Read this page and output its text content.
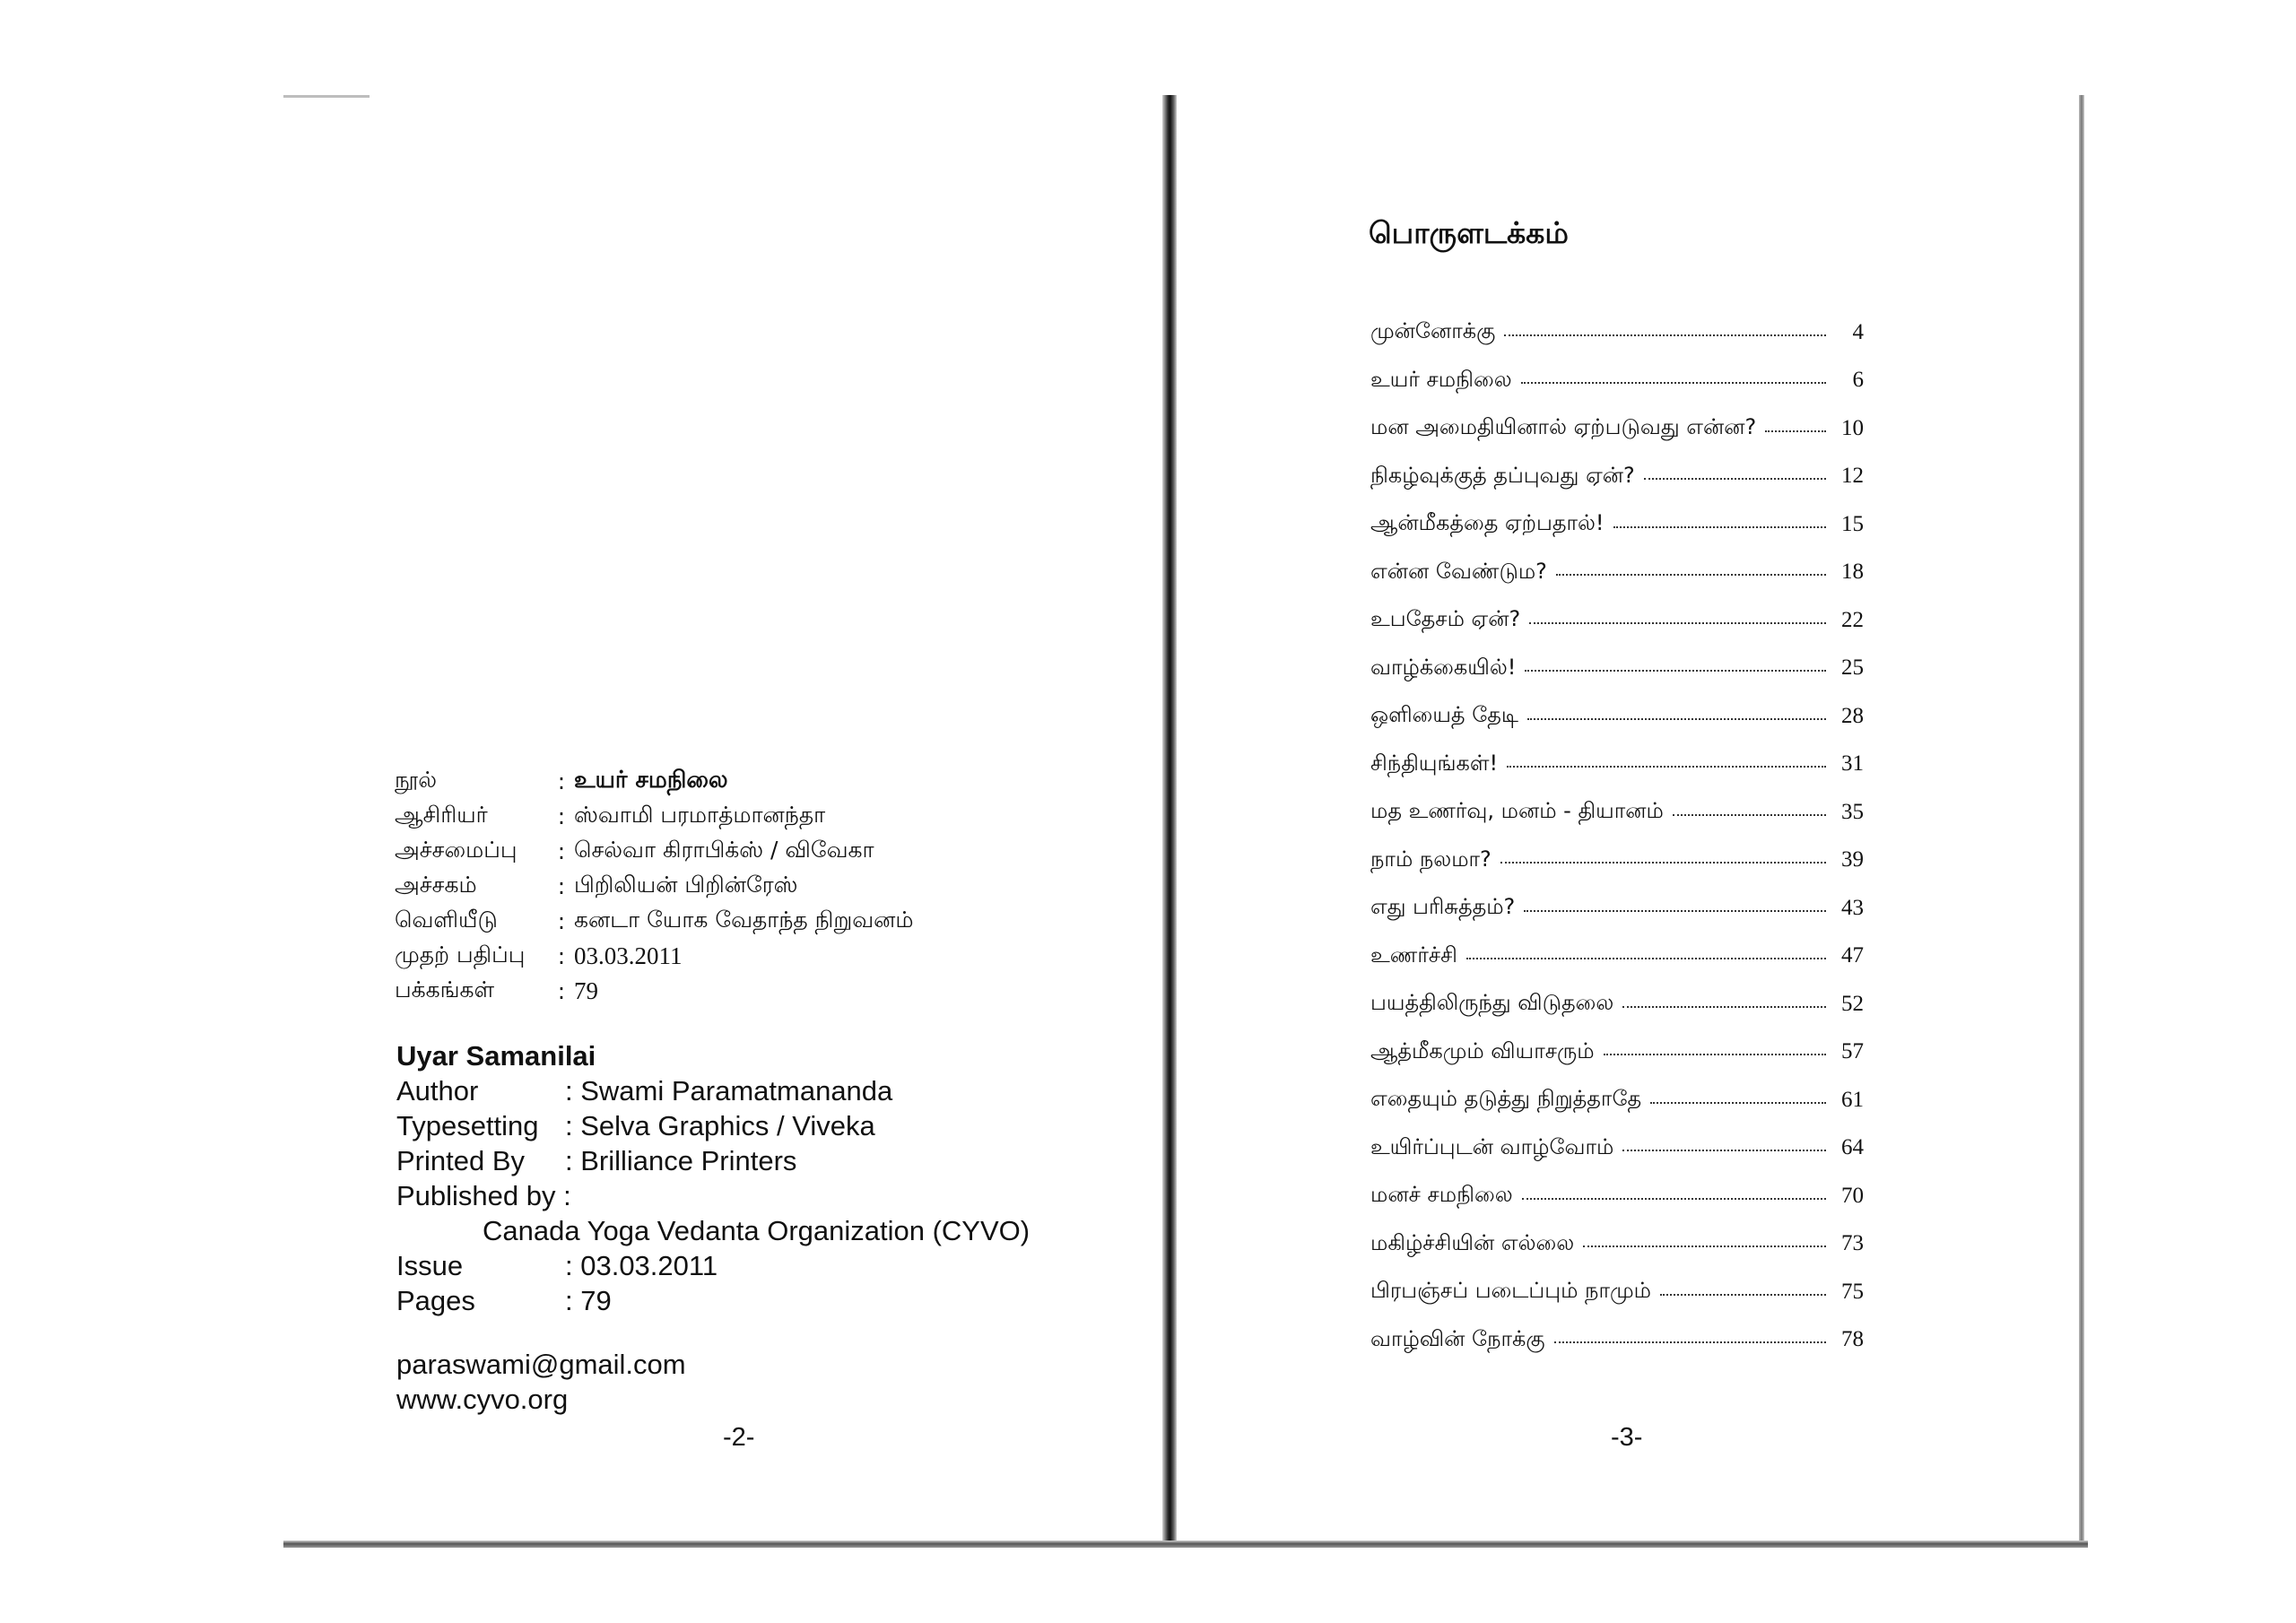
நூல்	: உயர் சமநிலை
ஆசிரியர்	: ஸ்வாமி பரமாத்மானந்தா
அச்சமைப்பு	: செல்வா கிராபிக்ஸ் / விவேகா
அச்சகம்	: பிறிலியன் பிறின்ரேஸ்
வெளியீடு	: கனடா யோக வேதாந்த நிறுவனம்
முதற் பதிப்பு	: 03.03.2011
பக்கங்கள்	: 79
Uyar Samanilai
Author	: Swami Paramatmananda
Typesetting : Selva Graphics / Viveka
Printed By	: Brilliance Printers
Published by :
Canada Yoga Vedanta Organization (CYVO)
Issue	: 03.03.2011
Pages	: 79
paraswami@gmail.com
www.cyvo.org
-2-
பொருளடக்கம்
முன்னோக்கு	4
உயர் சமநிலை	6
மன அமைதியினால் ஏற்படுவது என்ன?	10
நிகழ்வுக்குத் தப்புவது ஏன்?	12
ஆன்மீகத்தை ஏற்பதால்!	15
என்ன வேண்டும?	18
உபதேசம் ஏன்?	22
வாழ்க்கையில்!	25
ஒளியைத் தேடி	28
சிந்தியுங்கள்!	31
மத உணர்வு, மனம் - தியானம்	35
நாம் நலமா?	39
எது பரிசுத்தம்?	43
உணர்ச்சி	47
பயத்திலிருந்து விடுதலை	52
ஆத்மீகமும் வியாசரும்	57
எதையும் தடுத்து நிறுத்தாதே	61
உயிர்ப்புடன் வாழ்வோம்	64
மனச் சமநிலை	70
மகிழ்ச்சியின் எல்லை	73
பிரபஞ்சப் படைப்பும் நாமும்	75
வாழ்வின் நோக்கு	78
-3-
